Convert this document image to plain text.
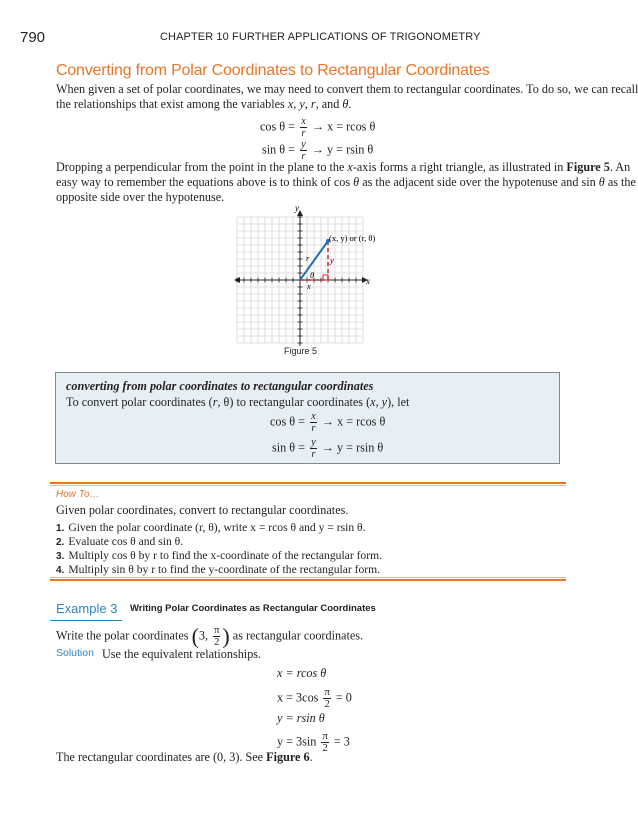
790	CHAPTER 10 FURTHER APPLICATIONS OF TRIGONOMETRY
Converting from Polar Coordinates to Rectangular Coordinates
When given a set of polar coordinates, we may need to convert them to rectangular coordinates. To do so, we can recall
the relationships that exist among the variables x, y, r, and θ.
$\cos \theta = \frac{x}{r} \to x = rcos$ θ
$\sin \theta = \frac{y}{r} \to y = rsin$ θ
Dropping a perpendicular from the point in the plane to the x-axis forms a right triangle, as illustrated in Figure 5. An
easy way to remember the equations above is to think of cos θ as the adjacent side over the hypotenuse and sin θ as the
opposite side over the hypotenuse.
y
x
(x, y) or (r, θ)
r
θ
x
y
Figure 5
converting from polar coordinates to rectangular coordinates
To convert polar coordinates (r, θ) to rectangular coordinates (x, y), let
$\cos \theta = \frac{x}{r} \to x = rcos$ θ
$\sin \theta = \frac{y}{r} \to y = rsin$ θ
How To…
Given polar coordinates, convert to rectangular coordinates.
1. Given the polar coordinate (r, θ), write x = rcos θ and y = rsin θ.
2. Evaluate cos θ and sin θ.
3. Multiply cos θ by r to find the x-coordinate of the rectangular form.
4. Multiply sin θ by r to find the y-coordinate of the rectangular form.
Example 3 Writing Polar Coordinates as Rectangular Coordinates
Write the polar coordinates (3, $\frac{\pi}{2}$ ) as rectangular coordinates.
Solution Use the equivalent relationships.
x = rcos θ
$x = 3\cos \frac{\pi}{2} = 0$
y = rsin θ
$y = 3\sin \frac{\pi}{2} = 3$
The rectangular coordinates are (0, 3). See Figure 6.
